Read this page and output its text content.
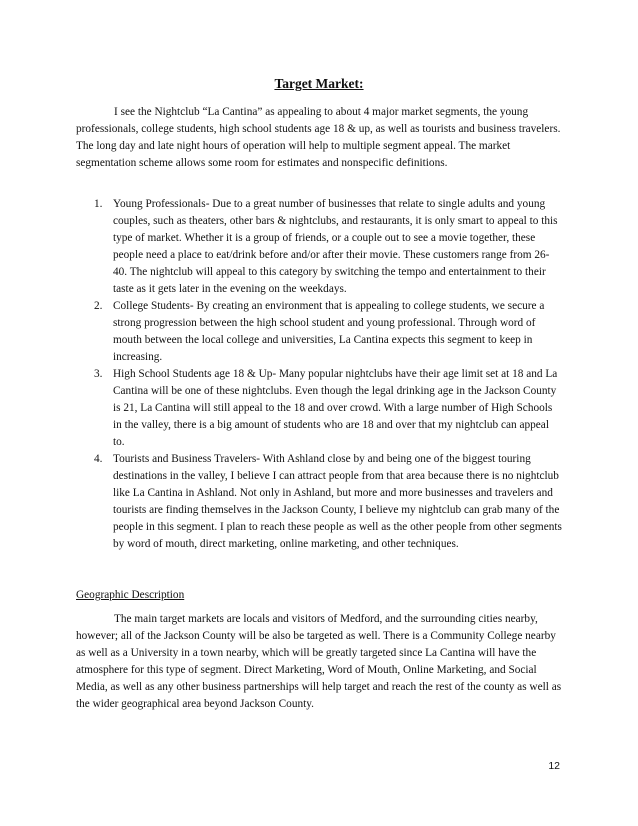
Target Market:

I see the Nightclub “La Cantina” as appealing to about 4 major market segments, the young professionals, college students, high school students age 18 & up, as well as tourists and business travelers. The long day and late night hours of operation will help to multiple segment appeal. The market segmentation scheme allows some room for estimates and nonspecific definitions.

1. Young Professionals- Due to a great number of businesses that relate to single adults and young couples, such as theaters, other bars & nightclubs, and restaurants, it is only smart to appeal to this type of market. Whether it is a group of friends, or a couple out to see a movie together, these people need a place to eat/drink before and/or after their movie. These customers range from 26-40. The nightclub will appeal to this category by switching the tempo and entertainment to their taste as it gets later in the evening on the weekdays.
2. College Students- By creating an environment that is appealing to college students, we secure a strong progression between the high school student and young professional. Through word of mouth between the local college and universities, La Cantina expects this segment to keep in increasing.
3. High School Students age 18 & Up- Many popular nightclubs have their age limit set at 18 and La Cantina will be one of these nightclubs. Even though the legal drinking age in the Jackson County is 21, La Cantina will still appeal to the 18 and over crowd. With a large number of High Schools in the valley, there is a big amount of students who are 18 and over that my nightclub can appeal to.
4. Tourists and Business Travelers- With Ashland close by and being one of the biggest touring destinations in the valley, I believe I can attract people from that area because there is no nightclub like La Cantina in Ashland. Not only in Ashland, but more and more businesses and travelers and tourists are finding themselves in the Jackson County, I believe my nightclub can grab many of the people in this segment. I plan to reach these people as well as the other people from other segments by word of mouth, direct marketing, online marketing, and other techniques.
Geographic Description

The main target markets are locals and visitors of Medford, and the surrounding cities nearby, however; all of the Jackson County will be also be targeted as well. There is a Community College nearby as well as a University in a town nearby, which will be greatly targeted since La Cantina will have the atmosphere for this type of segment. Direct Marketing, Word of Mouth, Online Marketing, and Social Media, as well as any other business partnerships will help target and reach the rest of the county as well as the wider geographical area beyond Jackson County.

12
